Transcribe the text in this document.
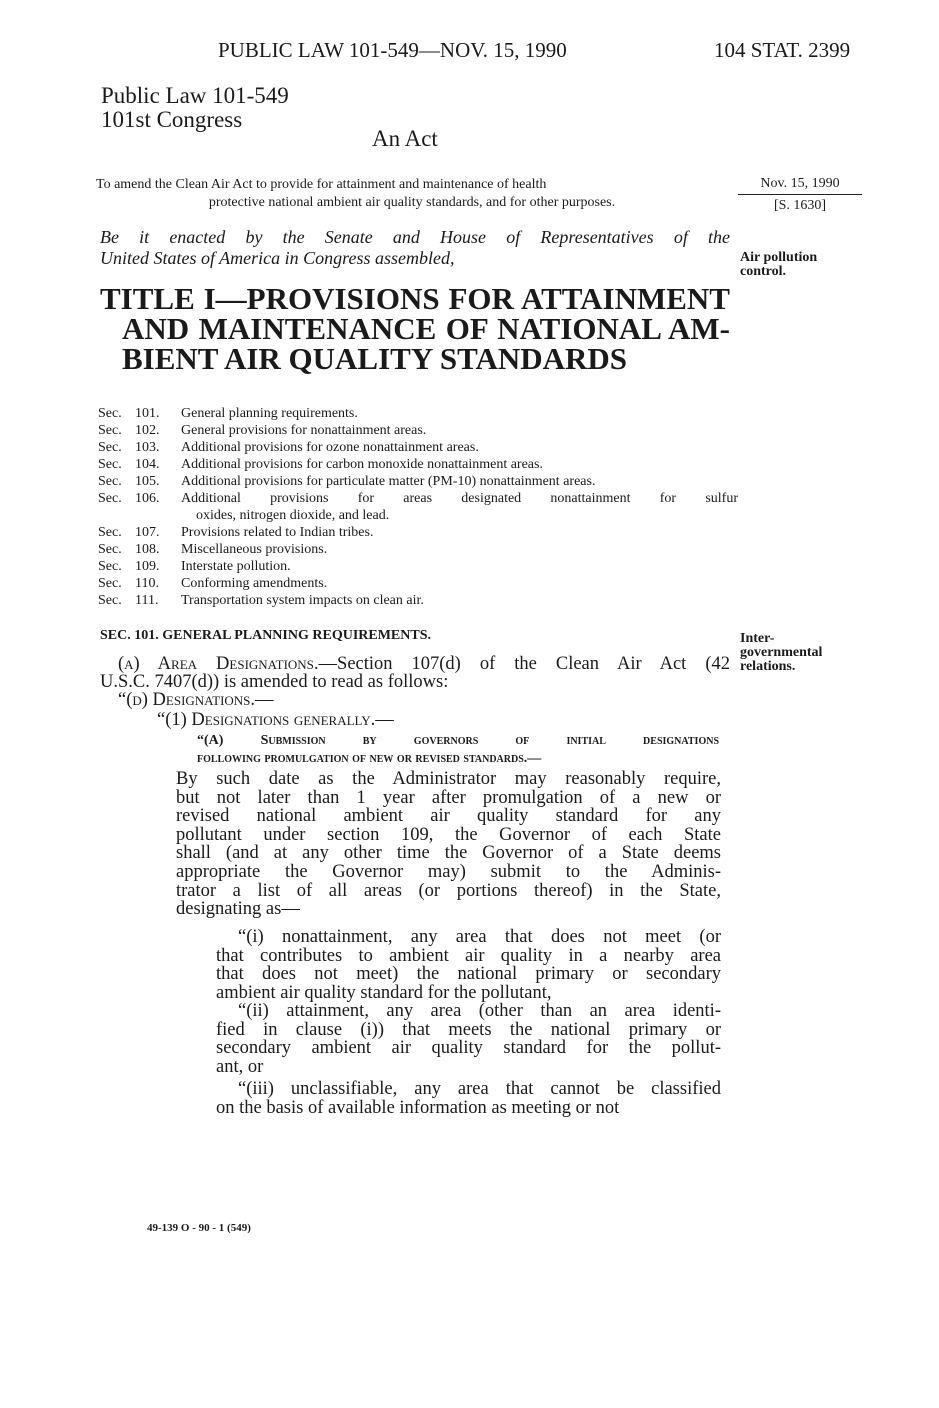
PUBLIC LAW 101-549—NOV. 15, 1990	104 STAT. 2399
Public Law 101-549
101st Congress
An Act
To amend the Clean Air Act to provide for attainment and maintenance of health
protective national ambient air quality standards, and for other purposes.
Nov. 15, 1990
[S. 1630]
Air pollution control.
Inter-governmental relations.
Be it enacted by the Senate and House of Representatives of the
United States of America in Congress assembled,
TITLE I—PROVISIONS FOR ATTAINMENT
AND MAINTENANCE OF NATIONAL AM-
BIENT AIR QUALITY STANDARDS
Sec. 101.	General planning requirements.
Sec. 102.	General provisions for nonattainment areas.
Sec. 103.	Additional provisions for ozone nonattainment areas.
Sec. 104.	Additional provisions for carbon monoxide nonattainment areas.
Sec. 105.	Additional provisions for particulate matter (PM-10) nonattainment areas.
Sec. 106.	Additional provisions for areas designated nonattainment for sulfur
oxides, nitrogen dioxide, and lead.
Sec. 107.	Provisions related to Indian tribes.
Sec. 108.	Miscellaneous provisions.
Sec. 109.	Interstate pollution.
Sec. 110.	Conforming amendments.
Sec. 111.	Transportation system impacts on clean air.
SEC. 101. GENERAL PLANNING REQUIREMENTS.
(a) Area Designations.—Section 107(d) of the Clean Air Act (42
U.S.C. 7407(d)) is amended to read as follows:
“(d) Designations.—
“(1) Designations generally.—
“(A) Submission by governors of initial designations
following promulgation of new or revised standards.—
By such date as the Administrator may reasonably require,
but not later than 1 year after promulgation of a new or
revised national ambient air quality standard for any
pollutant under section 109, the Governor of each State
shall (and at any other time the Governor of a State deems
appropriate the Governor may) submit to the Adminis-
trator a list of all areas (or portions thereof) in the State,
designating as—
“(i) nonattainment, any area that does not meet (or
that contributes to ambient air quality in a nearby area
that does not meet) the national primary or secondary
ambient air quality standard for the pollutant,
“(ii) attainment, any area (other than an area identi-
fied in clause (i)) that meets the national primary or
secondary ambient air quality standard for the pollut-
ant, or
“(iii) unclassifiable, any area that cannot be classified
on the basis of available information as meeting or not
49-139 O - 90 - 1 (549)
